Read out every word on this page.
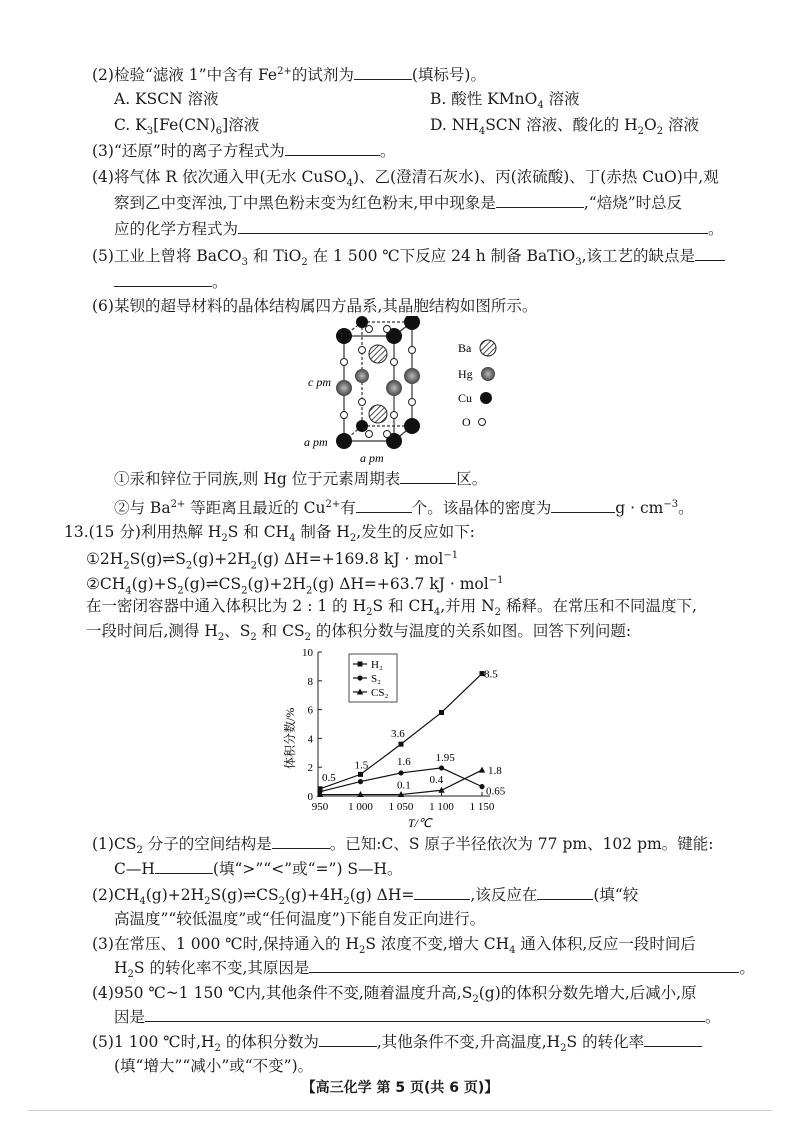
(2)检验“滤液 1”中含有 $Fe^{2+}$的试剂为	(填标号)。
A. KSCN 溶液	B. 酸性 KMnO$_4$ 溶液
C. $K_3[Fe(CN)_6]$溶液	D. $NH_4SCN$ 溶液、酸化的 $H_2O_2$ 溶液
(3)“还原”时的离子方程式为	。
(4)将气体 R 依次通入甲(无水 CuSO$_4$)、乙(澄清石灰水)、丙(浓硫酸)、丁(赤热 CuO)中,观
察到乙中变浑浊,丁中黑色粉末变为红色粉末,甲中现象是	,“焙烧”时总反
应的化学方程式为	。
(5)工业上曾将 BaCO$_3$ 和 TiO$_2$ 在 1 500 ℃下反应 24 h 制备 BaTiO$_3$,该工艺的缺点是
。
(6)某钡的超导材料的晶体结构属四方晶系,其晶胞结构如图所示。
c pm
a pm
a pm
Ba
Hg
Cu
O
①汞和锌位于同族,则 Hg 位于元素周期表	区。
②与 $Ba^{2+}$ 等距离且最近的 $Cu^{2+}$有	个。该晶体的密度为	$g \cdot cm^{-3}$。
13.(15 分)利用热解 $H_2S$ 和 $CH_4$ 制备 $H_2$,发生的反应如下:
$①2H_2S(g)\rightleftharpoons S_2(g)+2H_2(g)$ ΔH=+169.8 kJ · mol$^{-1}$
$②CH_4(g)+S_2(g)\rightleftharpoons CS_2(g)+2H_2(g)$ ΔH=+63.7 kJ · mol$^{-1}$
在一密闭容器中通入体积比为 2 : 1 的 $H_2S$ 和 $CH_4$,并用 $N_2$ 稀释。在常压和不同温度下,
一段时间后,测得 $H_2$、$S_2$ 和 $CS_2$ 的体积分数与温度的关系如图。回答下列问题:
体积分数/%
T/℃
0
2
4
6
8
10
950 1 000 1 050 1 100 1 150
0.5
1.5
3.6
8.5
1.6 1.95
0.1 0.4
1.8
0.65
H₂
S₂
CS₂
$(1)CS_2$ 分子的空间结构是	。已知:C、S 原子半径依次为 77 pm、102 pm。键能:
C—H	(填“>”“<”或“=”) S—H。
$(2)CH_4(g)+2H_2S(g)\rightleftharpoons CS_2(g)+4H_2(g)$ ΔH=	,该反应在	(填“较
高温度”“较低温度”或“任何温度”)下能自发正向进行。
(3)在常压、1 000 ℃时,保持通入的 $H_2S$ 浓度不变,增大 $CH_4$ 通入体积,反应一段时间后
$H_2S$ 的转化率不变,其原因是	。
(4)950 ℃~1 150 ℃内,其他条件不变,随着温度升高$,S_2(g)$的体积分数先增大,后减小,原
因是	。
(5)1 100 ℃时$,H_2$ 的体积分数为	,其他条件不变,升高温度$,H_2S$ 的转化率
(填“增大”“减小”或“不变”)。
【高三化学 第 5 页(共 6 页)】
